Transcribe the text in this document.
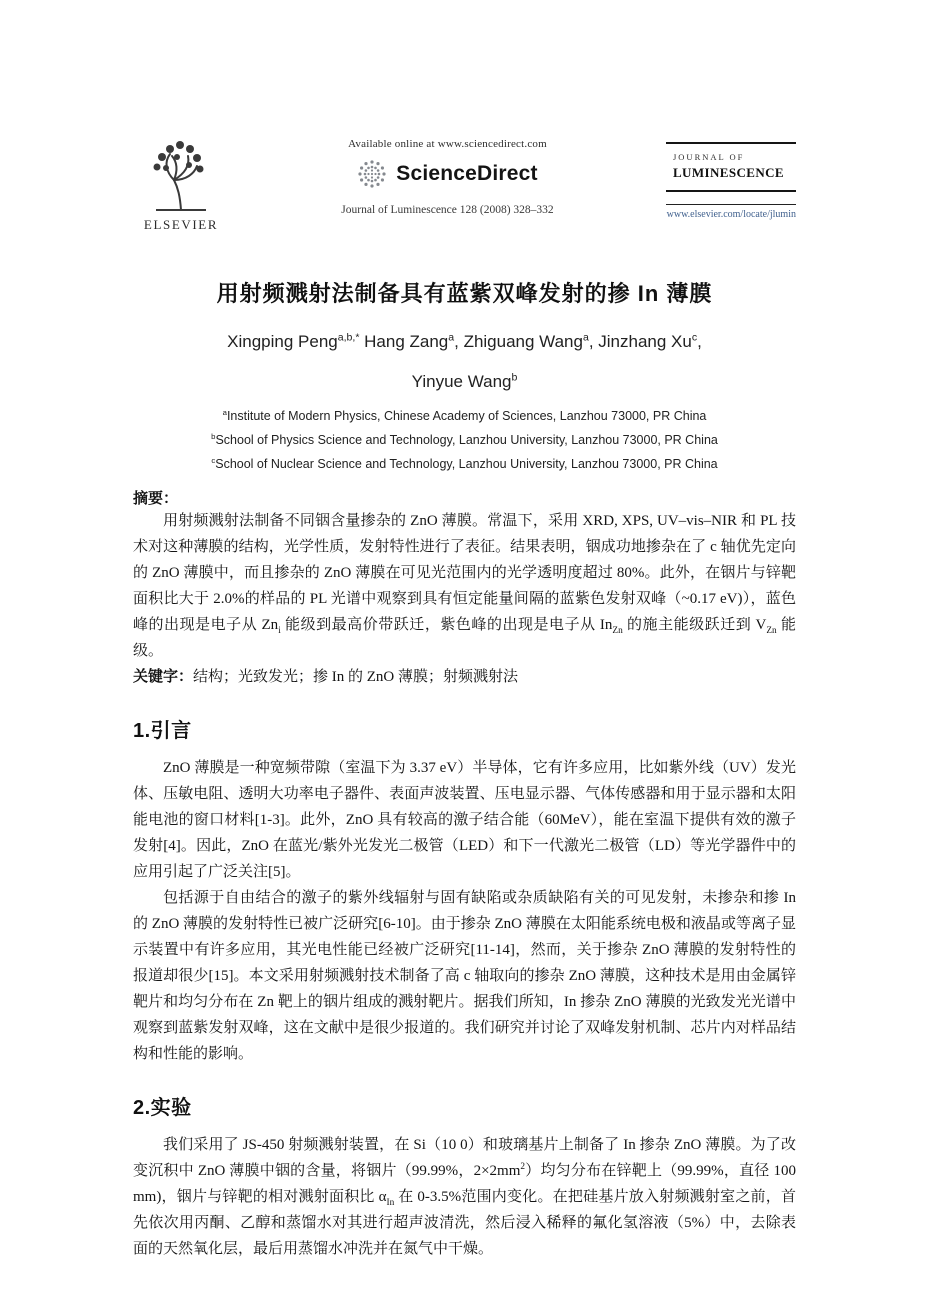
ELSEVIER
Available online at www.sciencedirect.com
ScienceDirect
Journal of Luminescence 128 (2008) 328–332
JOURNAL OF
LUMINESCENCE
www.elsevier.com/locate/jlumin
用射频溅射法制备具有蓝紫双峰发射的掺 In 薄膜
Xingping Peng$^{a,b,*}$ Hang Zang$^a$, Zhiguang Wang$^a$, Jinzhang Xu$^c$,
Yinyue Wang$^b$
$^a$Institute of Modern Physics, Chinese Academy of Sciences, Lanzhou 73000, PR China
$^b$School of Physics Science and Technology, Lanzhou University, Lanzhou 73000, PR China
$^c$School of Nuclear Science and Technology, Lanzhou University, Lanzhou 73000, PR China
摘要：

用射频溅射法制备不同铟含量掺杂的 ZnO 薄膜。常温下，采用 XRD, XPS, UV–vis–NIR 和 PL 技术对这种薄膜的结构，光学性质，发射特性进行了表征。结果表明，铟成功地掺杂在了 c 轴优先定向的 ZnO 薄膜中，而且掺杂的 ZnO 薄膜在可见光范围内的光学透明度超过 80%。此外，在铟片与锌靶面积比大于 2.0%的样品的 PL 光谱中观察到具有恒定能量间隔的蓝紫色发射双峰（~0.17 eV)），蓝色峰的出现是电子从 $Zn_i$ 能级到最高价带跃迁，紫色峰的出现是电子从 $In_{Zn}$ 的施主能级跃迁到 $V_{Zn}$ 能级。

关键字：结构；光致发光；掺 In 的 ZnO 薄膜；射频溅射法

1.引言

ZnO 薄膜是一种宽频带隙（室温下为 3.37 eV）半导体，它有许多应用，比如紫外线（UV）发光体、压敏电阻、透明大功率电子器件、表面声波装置、压电显示器、气体传感器和用于显示器和太阳能电池的窗口材料[1-3]。此外，ZnO 具有较高的激子结合能（60MeV），能在室温下提供有效的激子发射[4]。因此，ZnO 在蓝光/紫外光发光二极管（LED）和下一代激光二极管（LD）等光学器件中的应用引起了广泛关注[5]。

包括源于自由结合的激子的紫外线辐射与固有缺陷或杂质缺陷有关的可见发射，未掺杂和掺 In 的 ZnO 薄膜的发射特性已被广泛研究[6-10]。由于掺杂 ZnO 薄膜在太阳能系统电极和液晶或等离子显示装置中有许多应用，其光电性能已经被广泛研究[11-14]，然而，关于掺杂 ZnO 薄膜的发射特性的报道却很少[15]。本文采用射频溅射技术制备了高 c 轴取向的掺杂 ZnO 薄膜，这种技术是用由金属锌靶片和均匀分布在 Zn 靶上的铟片组成的溅射靶片。据我们所知，In 掺杂 ZnO 薄膜的光致发光光谱中观察到蓝紫发射双峰，这在文献中是很少报道的。我们研究并讨论了双峰发射机制、芯片内对样品结构和性能的影响。

2.实验

我们采用了 JS-450 射频溅射装置，在 Si（10 0）和玻璃基片上制备了 In 掺杂 ZnO 薄膜。为了改变沉积中 ZnO 薄膜中铟的含量，将铟片（99.99%，$2\times 2mm^2$）均匀分布在锌靶上（99.99%，直径 100 mm)，铟片与锌靶的相对溅射面积比 $\alpha_{In}$ 在 0-3.5%范围内变化。在把硅基片放入射频溅射室之前，首先依次用丙酮、乙醇和蒸馏水对其进行超声波清洗，然后浸入稀释的氟化氢溶液（5%）中，去除表面的天然氧化层，最后用蒸馏水冲洗并在氮气中干燥。
